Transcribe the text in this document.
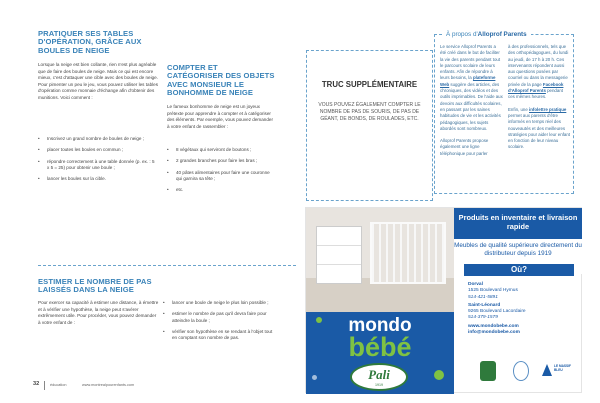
PRATIQUER SES TABLES D'OPÉRATION, GRÂCE AUX BOULES DE NEIGE
Lorsque la neige est bien collante, rien n'est plus agréable que de faire des boules de neige. Mais ce qui est encore mieux, c'est d'attaquer une cible avec des boules de neige. Pour pimenter un peu le jeu, vous pouvez utiliser les tables d'opération comme monnaie d'échange afin d'obtenir des munitions. Voici comment :
• Inscrivez un grand nombre de boules de neige ;
• placer toutes les boules en commun ;
• répondre correctement à une table donnée (p. ex. : 5 x 5 = 25) pour obtenir une boule ;
• lancer les boules sur la cible.
COMPTER ET CATÉGORISER DES OBJETS AVEC MONSIEUR LE BONHOMME DE NEIGE
Le fameux bonhomme de neige est un joyeux prétexte pour apprendre à compter et à catégoriser des éléments. Par exemple, vous pouvez demander à votre enfant de rassembler :
• 8 végétaux qui serviront de boutons ;
• 2 grandes branches pour faire les bras ;
• 40 pâtes alimentaires pour faire une couronne qui garnira sa tête ;
• etc.
TRUC SUPPLÉMENTAIRE
VOUS POUVEZ ÉGALEMENT COMPTER LE NOMBRE DE PAS DE SOURIS, DE PAS DE GÉANT, DE BONDS, DE ROULADES, ETC.
ESTIMER LE NOMBRE DE PAS LAISSÉS DANS LA NEIGE
Pour exercer sa capacité à estimer une distance, à émettre et à vérifier une hypothèse, la neige peut s'avérer extrêmement utile. Pour procéder, vous pouvez demander à votre enfant de :
• lancer une boule de neige le plus loin possible ;
• estimer le nombre de pas qu'il devra faire pour atteindre la boule ;
• vérifier son hypothèse en se rendant à l'objet tout en comptant son nombre de pas.
32	éducation	www.montrealpourenfants.com
À propos d'Alloprof Parents
Le service Alloprof Parents a été créé dans le but de faciliter la vie des parents pendant tout le parcours scolaire de leurs enfants. Afin de répondre à leurs besoins, la plateforme Web suggère des articles, des chroniques, des vidéos et des outils imprimables. De l'aide aux devoirs aux difficultés scolaires, en passant par les saines habitudes de vie et les activités pédagogiques, les sujets abordés sont nombreux.
Alloprof Parents propose également une ligne téléphonique pour parler
à des professionnels, tels que des orthopédagogues, du lundi au jeudi, de 17 h à 20 h. Ces intervenants répondent aussi aux questions posées par courriel ou dans la messagerie privée de la page Facebook d'Alloprof Parents pendant ces mêmes heures.
Enfin, une infolettre pratique permet aux parents d'être informés en temps réel des nouveautés et des meilleures stratégies pour aider leur enfant en fonction de leur niveau scolaire.
Produits en inventaire et livraison rapide
Meubles de qualité supérieure directement du distributeur depuis 1919
Où?
Dorval
1525 Boulevard Hymus
514-421-5891

Saint-Léonard
9265 Boulevard Lacordaire
514-379-1579

www.mondobebe.com
info@mondobebe.com
mondo
bébé
Pali
1919
LE MASSIF BLEU
